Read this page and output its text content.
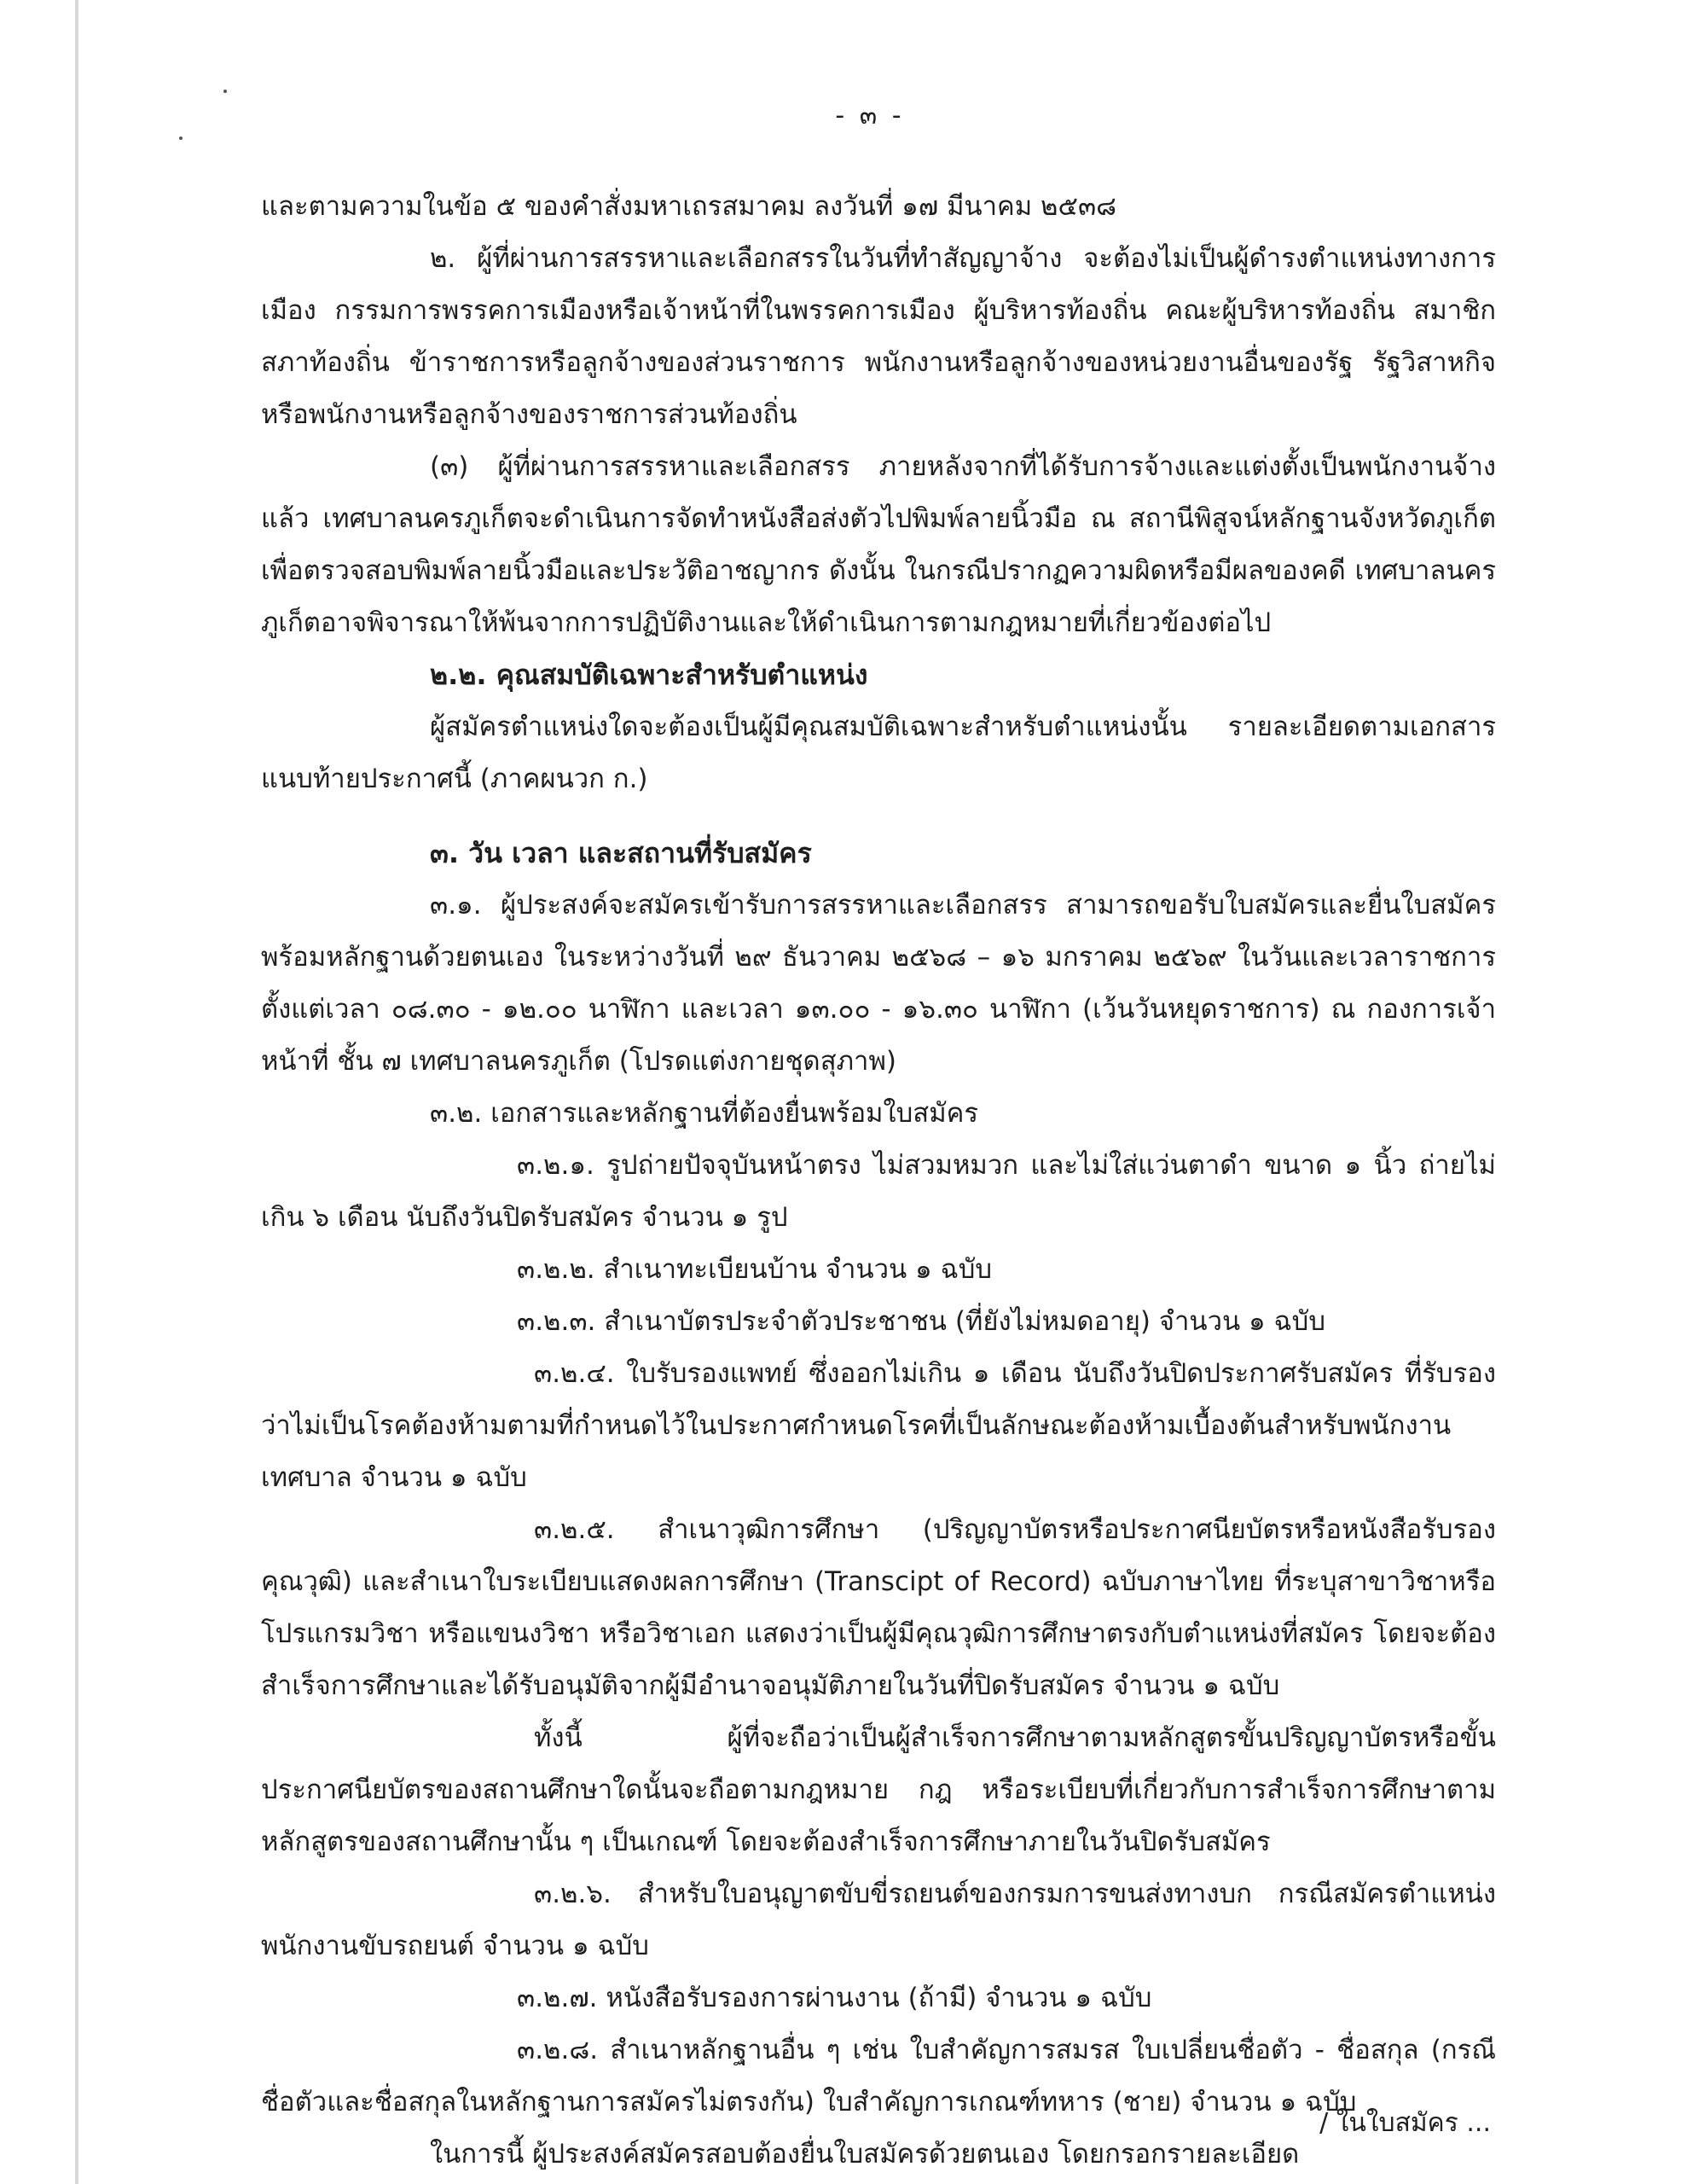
- ๓ -

และตามความในข้อ ๕ ของคำสั่งมหาเถรสมาคม ลงวันที่ ๑๗ มีนาคม ๒๕๓๘

๒. ผู้ที่ผ่านการสรรหาและเลือกสรรในวันที่ทำสัญญาจ้าง จะต้องไม่เป็นผู้ดำรงตำแหน่งทางการเมือง กรรมการพรรคการเมืองหรือเจ้าหน้าที่ในพรรคการเมือง ผู้บริหารท้องถิ่น คณะผู้บริหารท้องถิ่น สมาชิกสภาท้องถิ่น ข้าราชการหรือลูกจ้างของส่วนราชการ พนักงานหรือลูกจ้างของหน่วยงานอื่นของรัฐ รัฐวิสาหกิจ หรือพนักงานหรือลูกจ้างของราชการส่วนท้องถิ่น

(๓) ผู้ที่ผ่านการสรรหาและเลือกสรร ภายหลังจากที่ได้รับการจ้างและแต่งตั้งเป็นพนักงานจ้างแล้ว เทศบาลนครภูเก็ตจะดำเนินการจัดทำหนังสือส่งตัวไปพิมพ์ลายนิ้วมือ ณ สถานีพิสูจน์หลักฐานจังหวัดภูเก็ต เพื่อตรวจสอบพิมพ์ลายนิ้วมือและประวัติอาชญากร ดังนั้น ในกรณีปรากฏความผิดหรือมีผลของคดี เทศบาลนครภูเก็ตอาจพิจารณาให้พ้นจากการปฏิบัติงานและให้ดำเนินการตามกฎหมายที่เกี่ยวข้องต่อไป

๒.๒. คุณสมบัติเฉพาะสำหรับตำแหน่ง

ผู้สมัครตำแหน่งใดจะต้องเป็นผู้มีคุณสมบัติเฉพาะสำหรับตำแหน่งนั้น รายละเอียดตามเอกสารแนบท้ายประกาศนี้ (ภาคผนวก ก.)

๓. วัน เวลา และสถานที่รับสมัคร

๓.๑. ผู้ประสงค์จะสมัครเข้ารับการสรรหาและเลือกสรร สามารถขอรับใบสมัครและยื่นใบสมัครพร้อมหลักฐานด้วยตนเอง ในระหว่างวันที่ ๒๙ ธันวาคม ๒๕๖๘ – ๑๖ มกราคม ๒๕๖๙ ในวันและเวลาราชการ ตั้งแต่เวลา ๐๘.๓๐ - ๑๒.๐๐ นาฬิกา และเวลา ๑๓.๐๐ - ๑๖.๓๐ นาฬิกา (เว้นวันหยุดราชการ) ณ กองการเจ้าหน้าที่ ชั้น ๗ เทศบาลนครภูเก็ต (โปรดแต่งกายชุดสุภาพ)

๓.๒. เอกสารและหลักฐานที่ต้องยื่นพร้อมใบสมัคร

๓.๒.๑. รูปถ่ายปัจจุบันหน้าตรง ไม่สวมหมวก และไม่ใส่แว่นตาดำ ขนาด ๑ นิ้ว ถ่ายไม่เกิน ๖ เดือน นับถึงวันปิดรับสมัคร จำนวน ๑ รูป

๓.๒.๒. สำเนาทะเบียนบ้าน จำนวน ๑ ฉบับ

๓.๒.๓. สำเนาบัตรประจำตัวประชาชน (ที่ยังไม่หมดอายุ) จำนวน ๑ ฉบับ

๓.๒.๔. ใบรับรองแพทย์ ซึ่งออกไม่เกิน ๑ เดือน นับถึงวันปิดประกาศรับสมัคร ที่รับรองว่าไม่เป็นโรคต้องห้ามตามที่กำหนดไว้ในประกาศกำหนดโรคที่เป็นลักษณะต้องห้ามเบื้องต้นสำหรับพนักงานเทศบาล จำนวน ๑ ฉบับ

๓.๒.๕. สำเนาวุฒิการศึกษา (ปริญญาบัตรหรือประกาศนียบัตรหรือหนังสือรับรองคุณวุฒิ) และสำเนาใบระเบียบแสดงผลการศึกษา (Transcipt of Record) ฉบับภาษาไทย ที่ระบุสาขาวิชาหรือโปรแกรมวิชา หรือแขนงวิชา หรือวิชาเอก แสดงว่าเป็นผู้มีคุณวุฒิการศึกษาตรงกับตำแหน่งที่สมัคร โดยจะต้องสำเร็จการศึกษาและได้รับอนุมัติจากผู้มีอำนาจอนุมัติภายในวันที่ปิดรับสมัคร จำนวน ๑ ฉบับ

ทั้งนี้ ผู้ที่จะถือว่าเป็นผู้สำเร็จการศึกษาตามหลักสูตรขั้นปริญญาบัตรหรือขั้นประกาศนียบัตรของสถานศึกษาใดนั้นจะถือตามกฎหมาย กฎ หรือระเบียบที่เกี่ยวกับการสำเร็จการศึกษาตามหลักสูตรของสถานศึกษานั้น ๆ เป็นเกณฑ์ โดยจะต้องสำเร็จการศึกษาภายในวันปิดรับสมัคร

๓.๒.๖. สำหรับใบอนุญาตขับขี่รถยนต์ของกรมการขนส่งทางบก กรณีสมัครตำแหน่งพนักงานขับรถยนต์ จำนวน ๑ ฉบับ

๓.๒.๗. หนังสือรับรองการผ่านงาน (ถ้ามี) จำนวน ๑ ฉบับ

๓.๒.๘. สำเนาหลักฐานอื่น ๆ เช่น ใบสำคัญการสมรส ใบเปลี่ยนชื่อตัว - ชื่อสกุล (กรณีชื่อตัวและชื่อสกุลในหลักฐานการสมัครไม่ตรงกัน) ใบสำคัญการเกณฑ์ทหาร (ชาย) จำนวน ๑ ฉบับ

ในการนี้ ผู้ประสงค์สมัครสอบต้องยื่นใบสมัครด้วยตนเอง โดยกรอกรายละเอียด

/ ในใบสมัคร ...
